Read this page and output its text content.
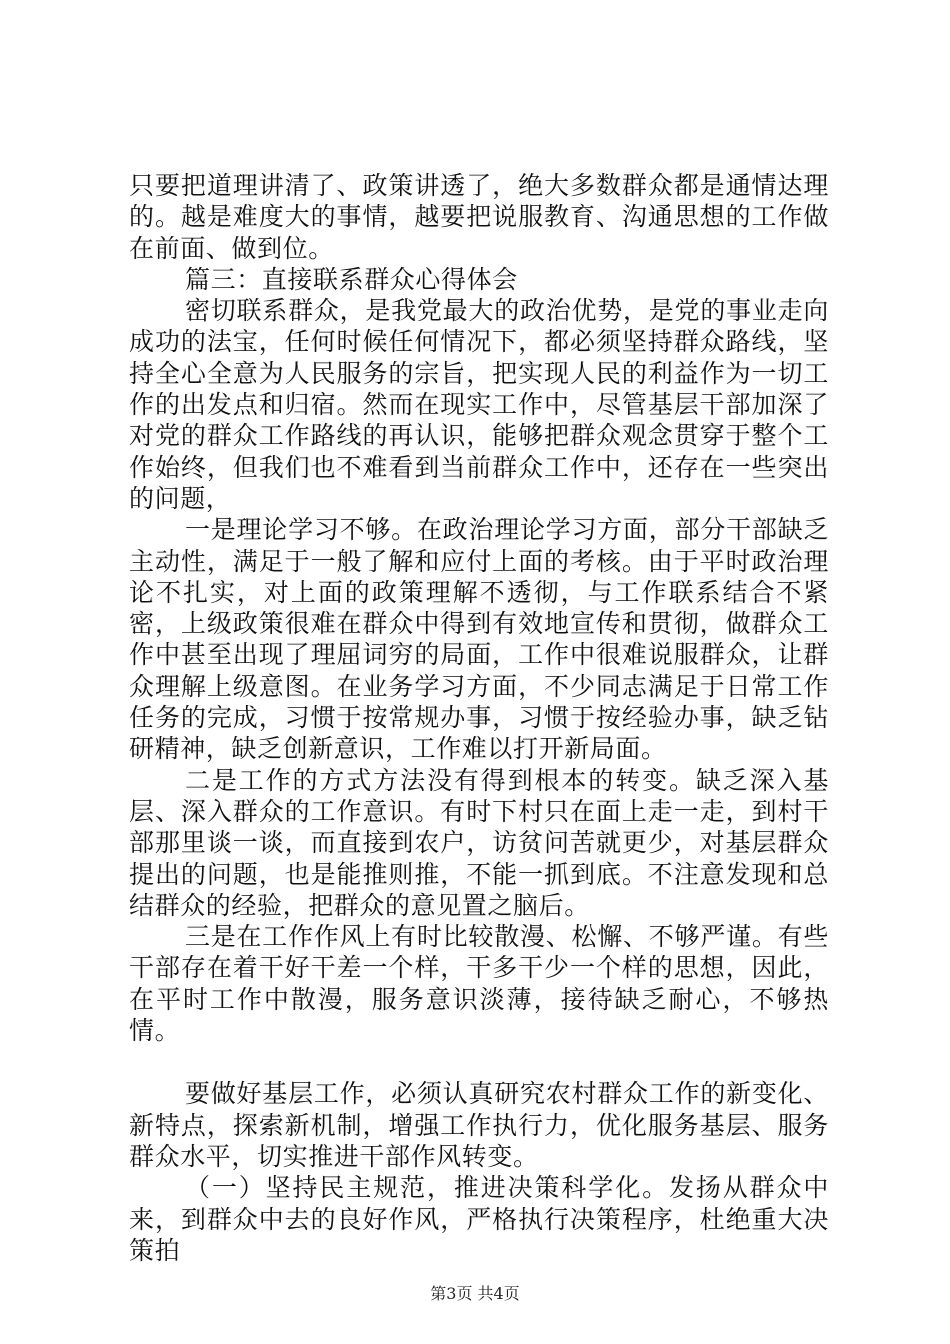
只要把道理讲清了、政策讲透了，绝大多数群众都是通情达理的。越是难度大的事情，越要把说服教育、沟通思想的工作做在前面、做到位。

篇三：直接联系群众心得体会

密切联系群众，是我党最大的政治优势，是党的事业走向成功的法宝，任何时候任何情况下，都必须坚持群众路线，坚持全心全意为人民服务的宗旨，把实现人民的利益作为一切工作的出发点和归宿。然而在现实工作中，尽管基层干部加深了对党的群众工作路线的再认识，能够把群众观念贯穿于整个工作始终，但我们也不难看到当前群众工作中，还存在一些突出的问题，

一是理论学习不够。在政治理论学习方面，部分干部缺乏主动性，满足于一般了解和应付上面的考核。由于平时政治理论不扎实，对上面的政策理解不透彻，与工作联系结合不紧密，上级政策很难在群众中得到有效地宣传和贯彻，做群众工作中甚至出现了理屈词穷的局面，工作中很难说服群众，让群众理解上级意图。在业务学习方面，不少同志满足于日常工作任务的完成，习惯于按常规办事，习惯于按经验办事，缺乏钻研精神，缺乏创新意识，工作难以打开新局面。

二是工作的方式方法没有得到根本的转变。缺乏深入基层、深入群众的工作意识。有时下村只在面上走一走，到村干部那里谈一谈，而直接到农户，访贫问苦就更少，对基层群众提出的问题，也是能推则推，不能一抓到底。不注意发现和总结群众的经验，把群众的意见置之脑后。

三是在工作作风上有时比较散漫、松懈、不够严谨。有些干部存在着干好干差一个样，干多干少一个样的思想，因此，在平时工作中散漫，服务意识淡薄，接待缺乏耐心，不够热情。

要做好基层工作，必须认真研究农村群众工作的新变化、新特点，探索新机制，增强工作执行力，优化服务基层、服务群众水平，切实推进干部作风转变。

（一）坚持民主规范，推进决策科学化。发扬从群众中来，到群众中去的良好作风，严格执行决策程序，杜绝重大决策拍

第3页 共4页
